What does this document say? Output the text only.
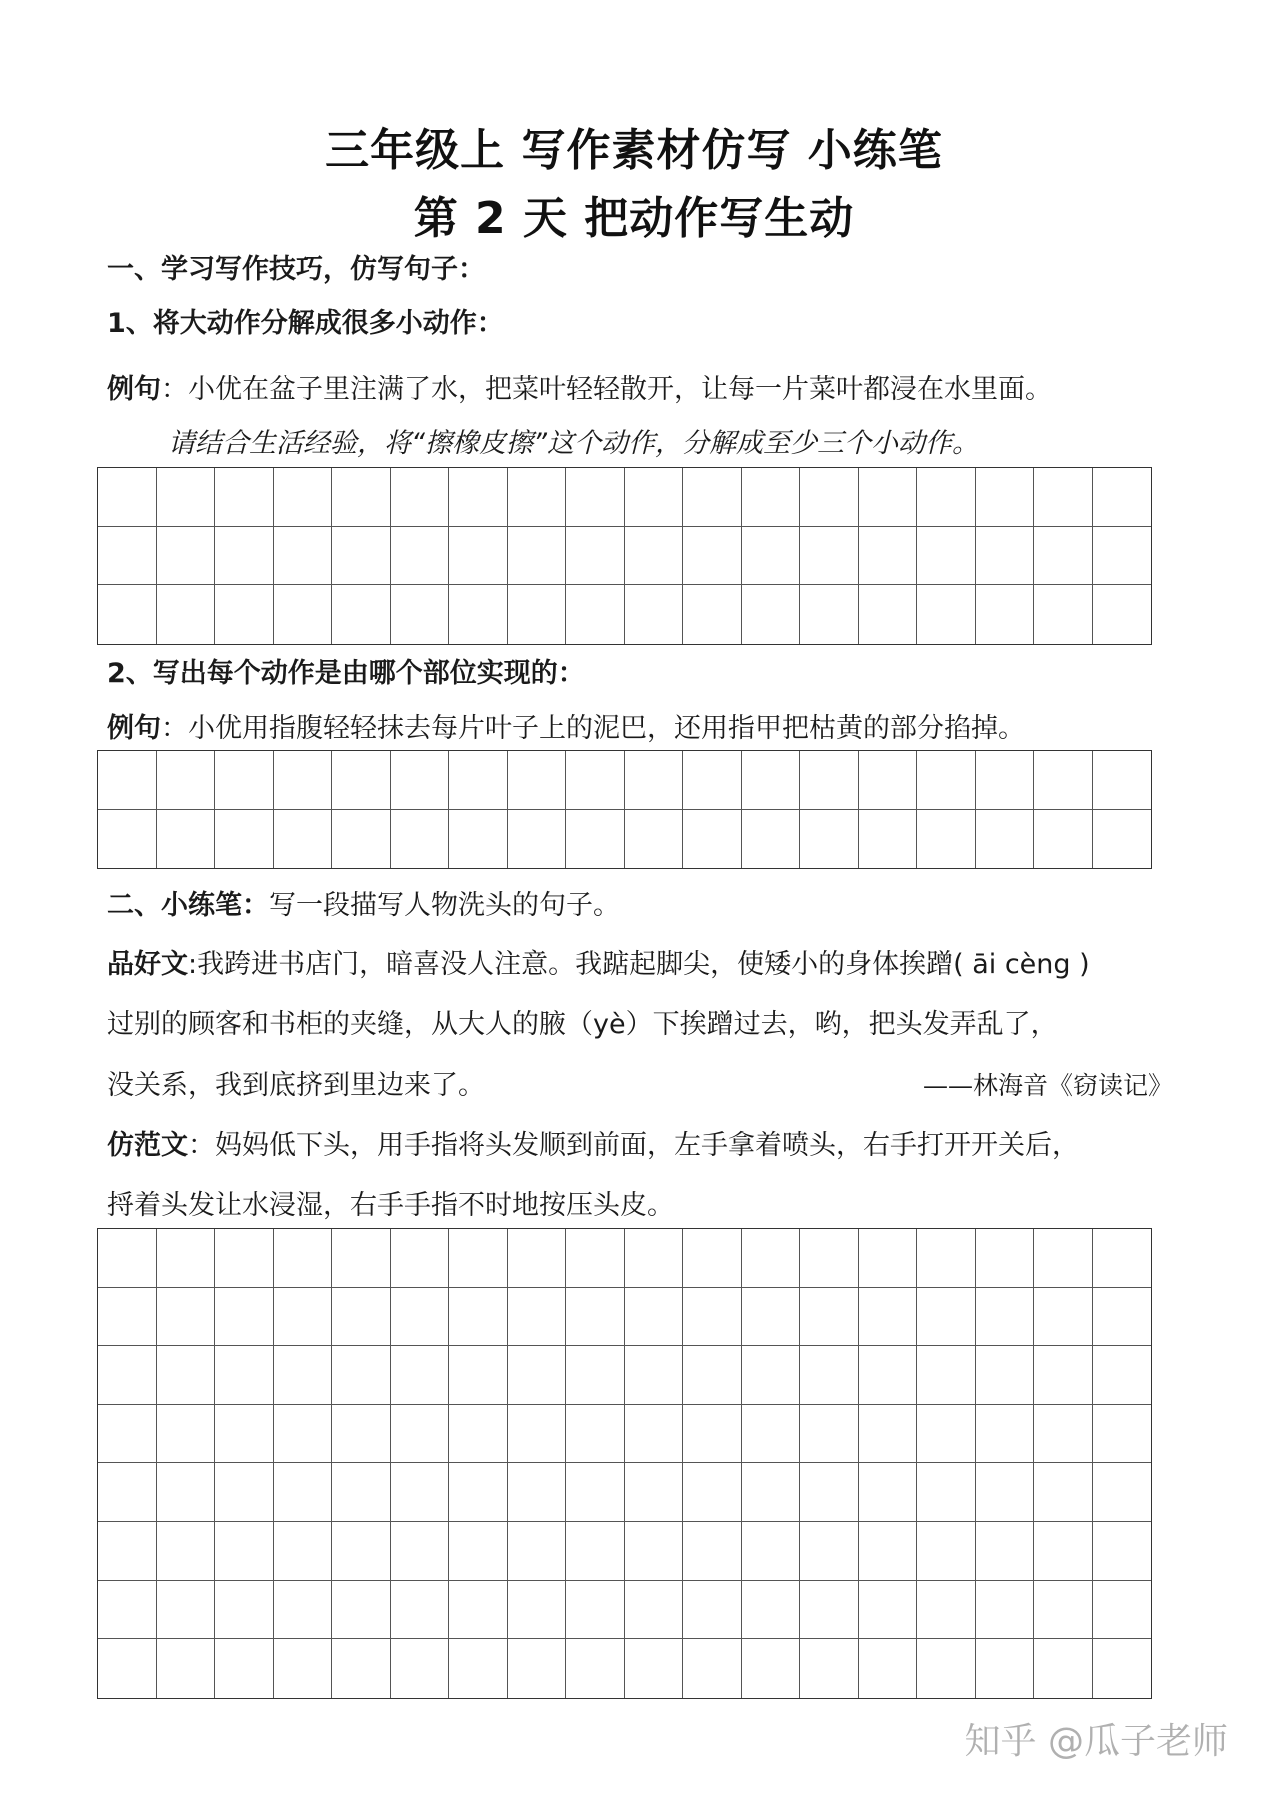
三年级上 写作素材仿写 小练笔
第 2 天 把动作写生动
一、学习写作技巧，仿写句子：
1、将大动作分解成很多小动作：
例句：小优在盆子里注满了水，把菜叶轻轻散开，让每一片菜叶都浸在水里面。
请结合生活经验，将“擦橡皮擦”这个动作，分解成至少三个小动作。
2、写出每个动作是由哪个部位实现的：
例句：小优用指腹轻轻抹去每片叶子上的泥巴，还用指甲把枯黄的部分掐掉。
二、小练笔：写一段描写人物洗头的句子。
品好文:我跨进书店门，暗喜没人注意。我踮起脚尖，使矮小的身体挨蹭( āi cèng )
过别的顾客和书柜的夹缝，从大人的腋（yè）下挨蹭过去，哟，把头发弄乱了，
没关系，我到底挤到里边来了。	——林海音《窃读记》
仿范文：妈妈低下头，用手指将头发顺到前面，左手拿着喷头，右手打开开关后，
捋着头发让水浸湿，右手手指不时地按压头皮。
知乎 @瓜子老师
